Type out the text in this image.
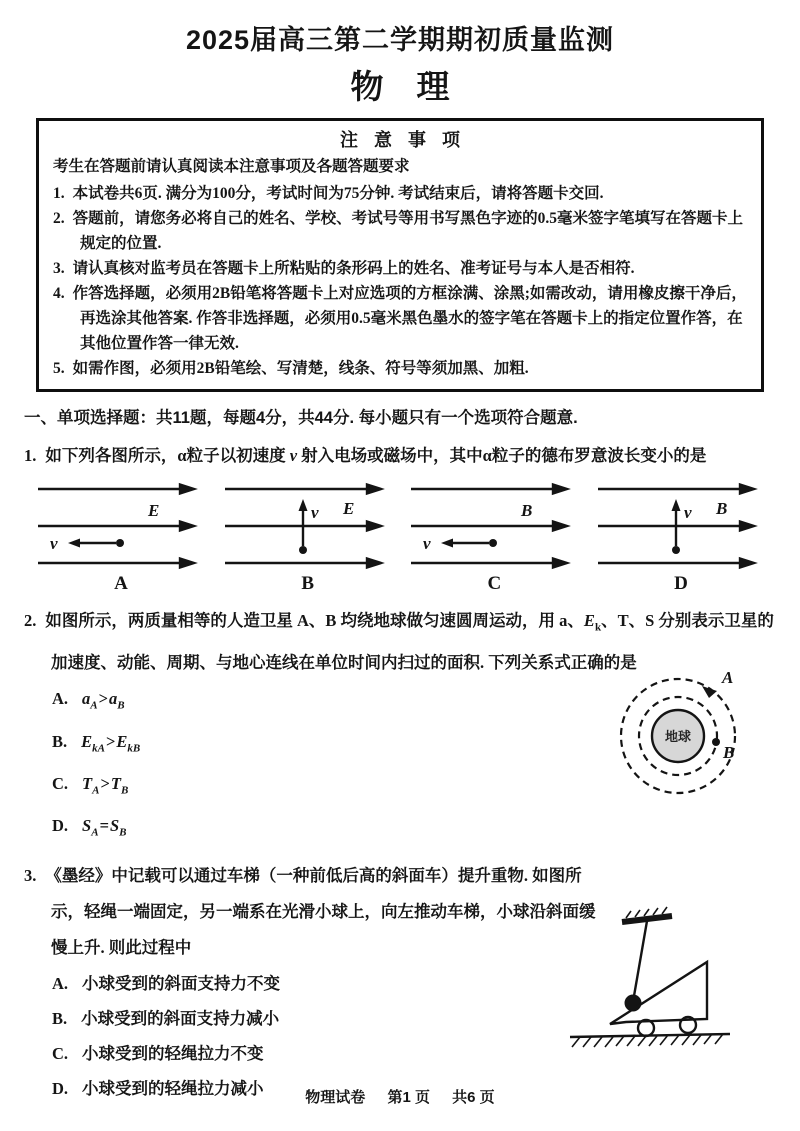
2025届高三第二学期期初质量监测
物　理
注意事项
考生在答题前请认真阅读本注意事项及各题答题要求
1. 本试卷共6页. 满分为100分，考试时间为75分钟. 考试结束后，请将答题卡交回.
2. 答题前，请您务必将自己的姓名、学校、考试号等用书写黑色字迹的0.5毫米签字笔填写在答题卡上规定的位置.
3. 请认真核对监考员在答题卡上所粘贴的条形码上的姓名、准考证号与本人是否相符.
4. 作答选择题，必须用2B铅笔将答题卡上对应选项的方框涂满、涂黑;如需改动，请用橡皮擦干净后，再选涂其他答案. 作答非选择题，必须用0.5毫米黑色墨水的签字笔在答题卡上的指定位置作答，在其他位置作答一律无效.
5. 如需作图，必须用2B铅笔绘、写清楚，线条、符号等须加黑、加粗.
一、单项选择题：共11题，每题4分，共44分. 每小题只有一个选项符合题意.

1. 如下列各图所示，α粒子以初速度 v 射入电场或磁场中，其中α粒子的德布罗意波长变小的是

E
v
A
E
v
B
B
v
C
B
v
D

2. 如图所示，两质量相等的人造卫星 A、B 均绕地球做匀速圆周运动，用 a、$E_k$、T、S 分别表示卫星的加速度、动能、周期、与地心连线在单位时间内扫过的面积. 下列关系式正确的是

A. $a_A>a_B$
B. $E_{kA}>E_{kB}$
C. $T_A>T_B$
D. $S_A=S_B$
地球
A
B

3. 《墨经》中记载可以通过车梯（一种前低后高的斜面车）提升重物. 如图所示，轻绳一端固定，另一端系在光滑小球上，向左推动车梯，小球沿斜面缓慢上升. 则此过程中

A. 小球受到的斜面支持力不变
B. 小球受到的斜面支持力减小
C. 小球受到的轻绳拉力不变
D. 小球受到的轻绳拉力减小	物理试卷 第1 页 共6 页
